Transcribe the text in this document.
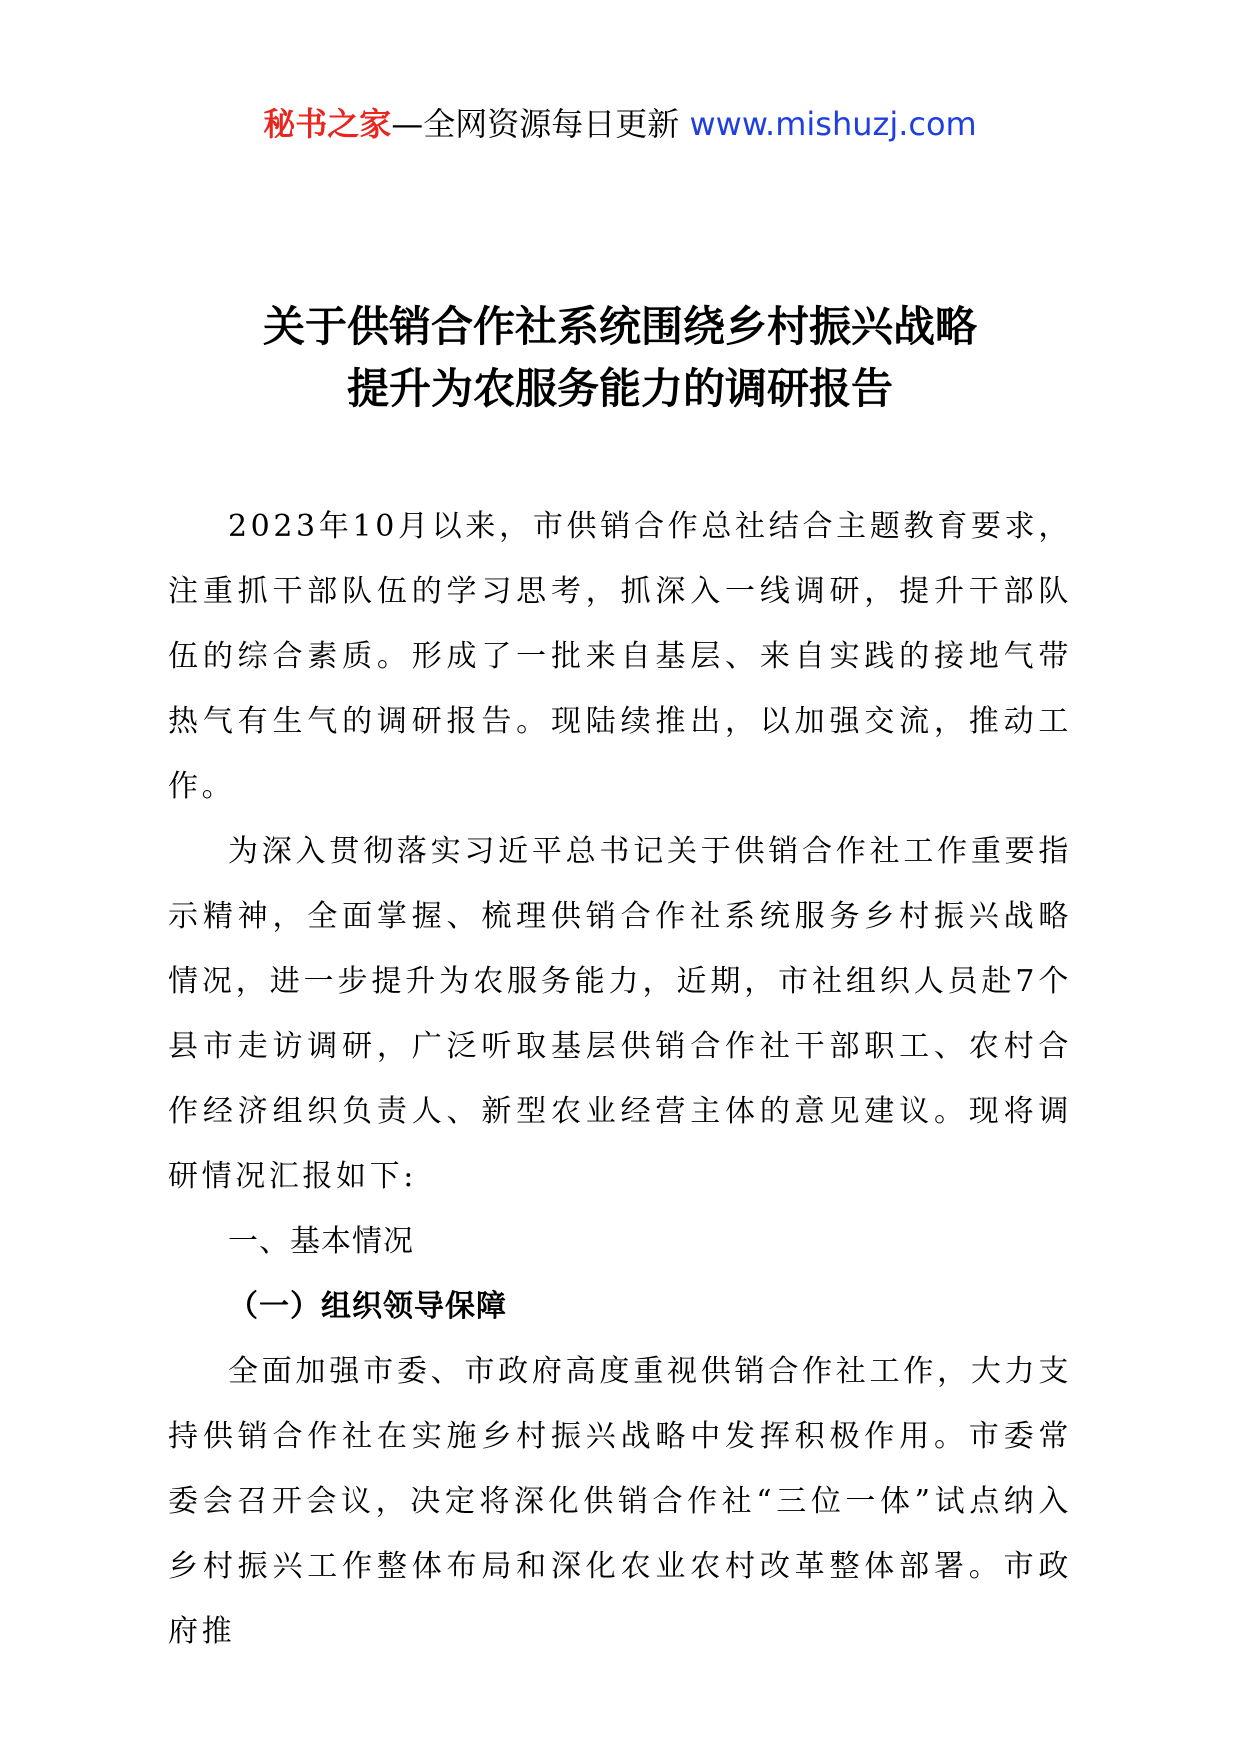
秘书之家—全网资源每日更新 www.mishuzj.com
关于供销合作社系统围绕乡村振兴战略
提升为农服务能力的调研报告

2023年10月以来，市供销合作总社结合主题教育要求，注重抓干部队伍的学习思考，抓深入一线调研，提升干部队伍的综合素质。形成了一批来自基层、来自实践的接地气带热气有生气的调研报告。现陆续推出，以加强交流，推动工作。

为深入贯彻落实习近平总书记关于供销合作社工作重要指示精神，全面掌握、梳理供销合作社系统服务乡村振兴战略情况，进一步提升为农服务能力，近期，市社组织人员赴7个县市走访调研，广泛听取基层供销合作社干部职工、农村合作经济组织负责人、新型农业经营主体的意见建议。现将调研情况汇报如下:

一、基本情况

（一）组织领导保障

全面加强市委、市政府高度重视供销合作社工作，大力支持供销合作社在实施乡村振兴战略中发挥积极作用。市委常委会召开会议，决定将深化供销合作社“三位一体”试点纳入乡村振兴工作整体布局和深化农业农村改革整体部署。市政府推
